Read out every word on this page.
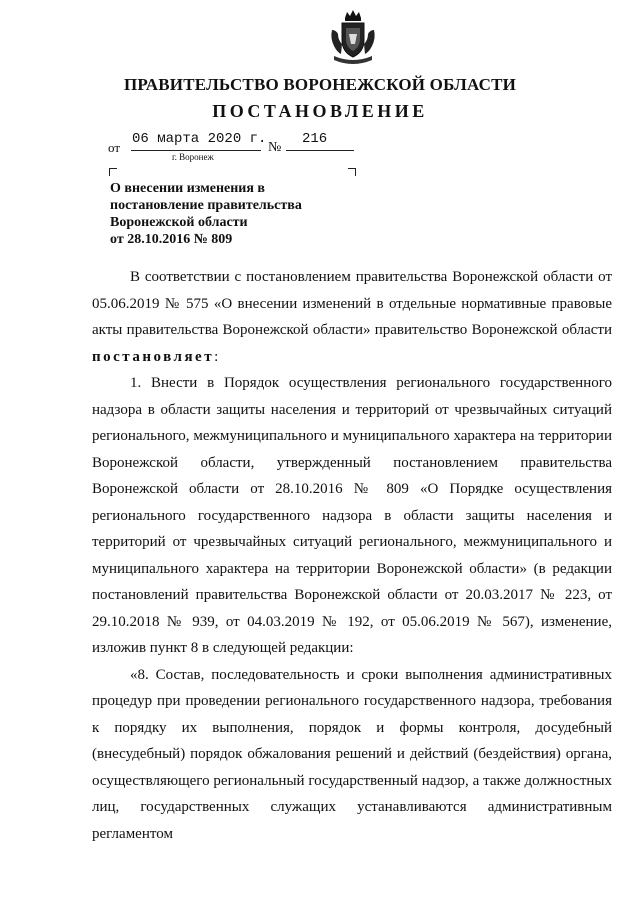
ПРАВИТЕЛЬСТВО ВОРОНЕЖСКОЙ ОБЛАСТИ
ПОСТАНОВЛЕНИЕ
от
06 марта 2020 г.
№
216
г. Воронеж
О внесении изменения в
постановление правительства
Воронежской области
от 28.10.2016 № 809

В соответствии с постановлением правительства Воронежской области от 05.06.2019 № 575 «О внесении изменений в отдельные нормативные правовые акты правительства Воронежской области» правительство Воронежской области постановляет:

1. Внести в Порядок осуществления регионального государственного надзора в области защиты населения и территорий от чрезвычайных ситуаций регионального, межмуниципального и муниципального характера на территории Воронежской области, утвержденный постановлением правительства Воронежской области от 28.10.2016 № 809 «О Порядке осуществления регионального государственного надзора в области защиты населения и территорий от чрезвычайных ситуаций регионального, межмуниципального и муниципального характера на территории Воронежской области» (в редакции постановлений правительства Воронежской области от 20.03.2017 № 223, от 29.10.2018 № 939, от 04.03.2019 № 192, от 05.06.2019 № 567), изменение, изложив пункт 8 в следующей редакции:

«8. Состав, последовательность и сроки выполнения административных процедур при проведении регионального государственного надзора, требования к порядку их выполнения, порядок и формы контроля, досудебный (внесудебный) порядок обжалования решений и действий (бездействия) органа, осуществляющего региональный государственный надзор, а также должностных лиц, государственных служащих устанавливаются административным регламентом
